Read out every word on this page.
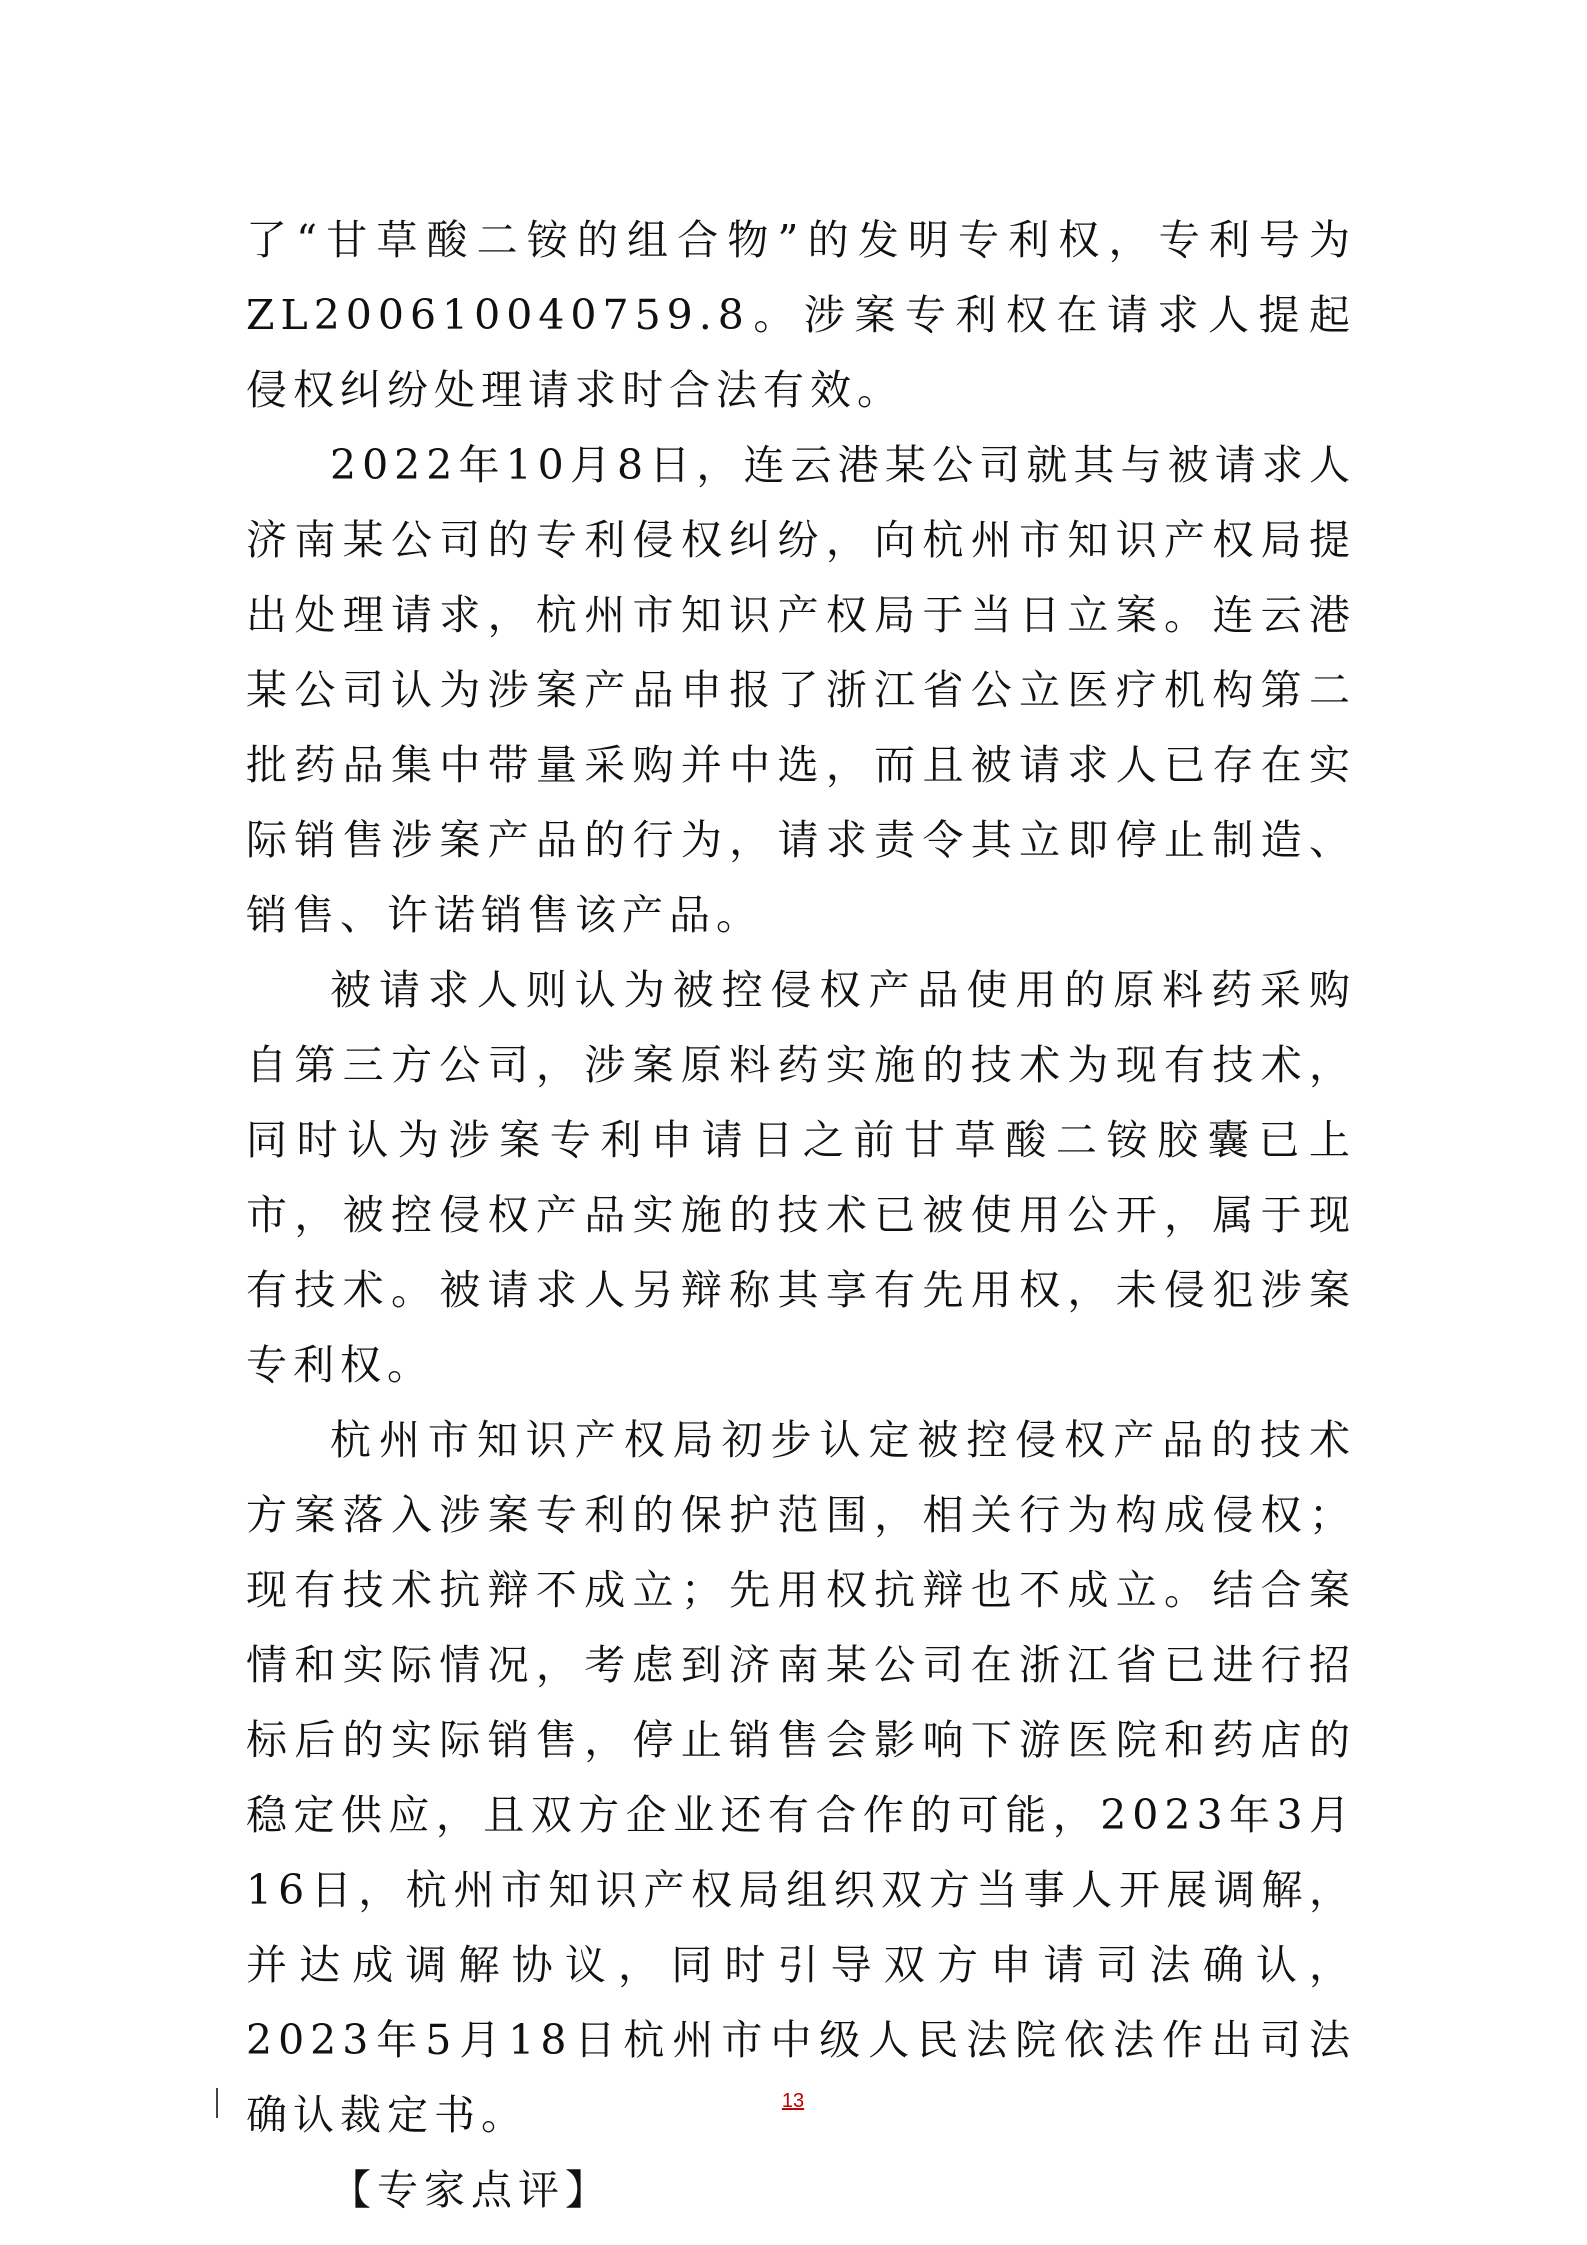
了“甘草酸二铵的组合物”的发明专利权，专利号为ZL200610040759.8。涉案专利权在请求人提起侵权纠纷处理请求时合法有效。

2022年10月8日，连云港某公司就其与被请求人济南某公司的专利侵权纠纷，向杭州市知识产权局提出处理请求，杭州市知识产权局于当日立案。连云港某公司认为涉案产品申报了浙江省公立医疗机构第二批药品集中带量采购并中选，而且被请求人已存在实际销售涉案产品的行为，请求责令其立即停止制造、销售、许诺销售该产品。

被请求人则认为被控侵权产品使用的原料药采购自第三方公司，涉案原料药实施的技术为现有技术，同时认为涉案专利申请日之前甘草酸二铵胶囊已上市，被控侵权产品实施的技术已被使用公开，属于现有技术。被请求人另辩称其享有先用权，未侵犯涉案专利权。

杭州市知识产权局初步认定被控侵权产品的技术方案落入涉案专利的保护范围，相关行为构成侵权；现有技术抗辩不成立；先用权抗辩也不成立。结合案情和实际情况，考虑到济南某公司在浙江省已进行招标后的实际销售，停止销售会影响下游医院和药店的稳定供应，且双方企业还有合作的可能，2023年3月16日，杭州市知识产权局组织双方当事人开展调解，并达成调解协议，同时引导双方申请司法确认，2023年5月18日杭州市中级人民法院依法作出司法确认裁定书。

【专家点评】

13
